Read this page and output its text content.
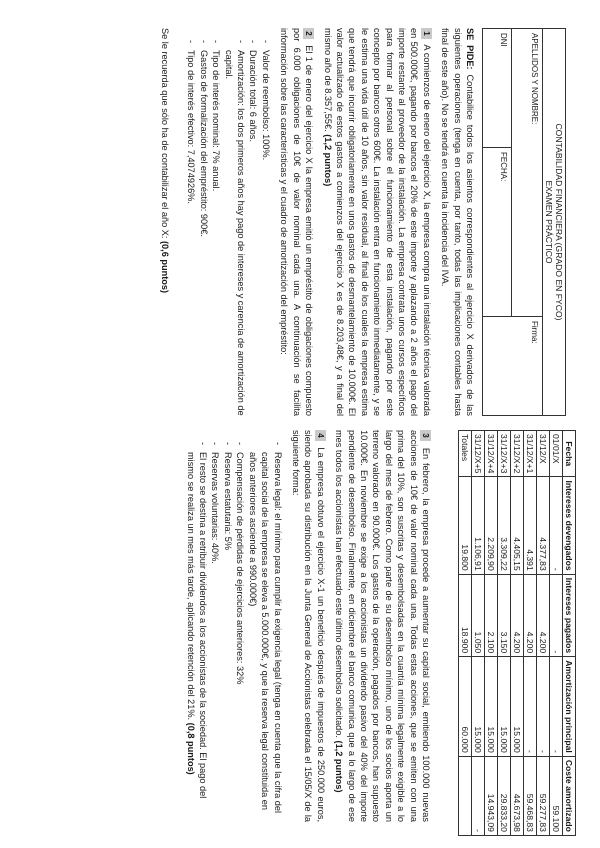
CONTABILIDAD FINANCIERA (GRADO EN FYCO)
EXAMEN PRÁCTICO		

APELLIDOS Y NOMBRE:		Firma:
DNI	FECHA:	

SE PIDE: Contabilice todos los asientos correspondientes al ejercicio X derivados de las siguientes operaciones (tenga en cuenta, por tanto, todas las implicaciones contables hasta final de este año). No se tendrá en cuenta la incidencia del IVA.

1 A comienzos de enero del ejercicio X, la empresa compra una instalación técnica valorada en 500.000€, pagando por bancos el 20% de este importe y aplazando a 2 años el pago del importe restante al proveedor de la instalación. La empresa contrata unos cursos específicos para formar al personal sobre el funcionamiento de esta instalación, pagando por este concepto por bancos otros 600€. La instalación entra en funcionamiento inmediatamente, y se le estima una vida útil de 10 años, sin valor residual, al final de los cuales la empresa estima que tendrá que incurrir obligatoriamente en unos gastos de desmantelamiento de 10.000€. El valor actualizado de estos gastos a comienzos del ejercicio X es de 8.203,48€, y a final del mismo año de 8.357,55€. (1,2 puntos)

2 El 1 de enero del ejercicio X la empresa emitió un empréstito de obligaciones compuesto por 6.000 obligaciones de 10€ de valor nominal cada una. A continuación se facilita información sobre las características y el cuadro de amortización del empréstito:

- Valor de reembolso: 100%.
- Duración total: 6 años.
- Amortización: los dos primeros años hay pago de intereses y carencia de amortización de capital.
- Tipo de interés nominal: 7% anual.
- Gastos de formalización del empréstito: 900€.
- Tipo de interés efectivo: 7,4074926%.

Se le recuerda que sólo ha de contabilizar el año X: (0,6 puntos)

Fecha	Intereses devengados	Intereses pagados	Amortización principal	Coste amortizado
01/01/X	-	-	-	59.100
31/12/X	4.377,83	4.200	-	59.277,83
31/12/X+1	4.391	4.200	-	59.468,83
31/12/X+2	4.405,15	4.200	15.000	44.673,98
31/12/X+3	3.309,22	3.150	15.000	29.833,20
31/12/X+4	2.209,90	2.100	15.000	14.943,09
31/12/X+5	1.106,91	1.050	15.000	-
Totales	19.800	18.900	60.000	

3 En febrero, la empresa procede a aumentar su capital social, emitiendo 100.000 nuevas acciones de 10€ de valor nominal cada una. Todas estas acciones, que se emiten con una prima del 10%, son suscritas y desembolsadas en la cuantía mínima legalmente exigible a lo largo del mes de febrero. Como parte de su desembolso mínimo, uno de los socios aporta un terreno valorado en 90.000€. Los gastos de la operación, pagados por bancos, han supuesto 10.000€. En noviembre se exige a los accionistas un dividendo pasivo del 40% del importe pendiente de desembolso. Finalmente, en diciembre el banco comunica que a lo largo de ese mes todos los accionistas han efectuado este último desembolso solicitado. (1,2 puntos)

4 La empresa obtuvo el ejercicio X-1 un beneficio después de impuestos de 250.000 euros, siendo aprobada su distribución en la Junta General de Accionistas celebrada el 15/05/X de la siguiente forma:

- Reserva legal: el mínimo para cumplir la exigencia legal (tenga en cuenta que la cifra del capital social de la empresa se eleva a 5.000.000€, y que la reserva legal constituida en años anteriores asciende a 990.000€)
- Compensación de pérdidas de ejercicios anteriores: 32%
- Reserva estatutaria: 5%
- Reservas voluntarias: 40%.
- El resto se destina a retribuir dividendos a los accionistas de la sociedad. El pago del mismo se realiza un mes más tarde, aplicando retención del 21%. (0,8 puntos)
